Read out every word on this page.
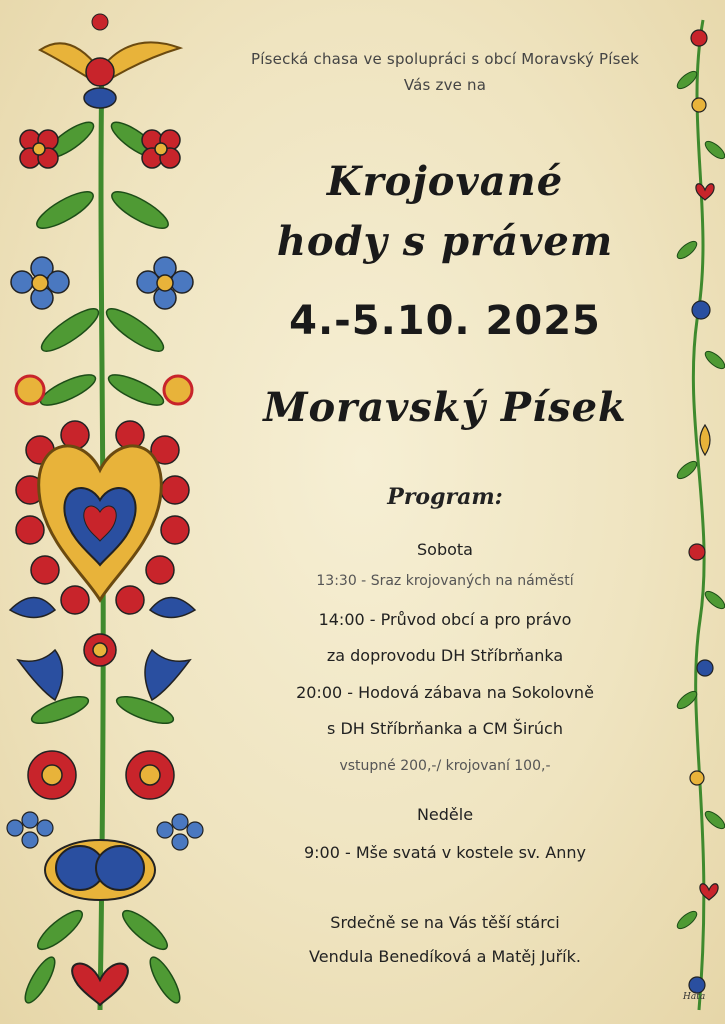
Písecká chasa ve spolupráci s obcí Moravský Písek
Vás zve na
Krojované
hody s právem
4.-5.10. 2025
Moravský Písek
Program:
Sobota
13:30 - Sraz krojovaných na náměstí
14:00 - Průvod obcí a pro právo
za doprovodu DH Stříbrňanka
20:00 - Hodová zábava na Sokolovně
s DH Stříbrňanka a CM Širúch
vstupné 200,-/ krojovaní 100,-
Neděle
9:00 - Mše svatá v kostele sv. Anny
Srdečně se na Vás těší stárci
Vendula Benedíková a Matěj Juřík.
Háta
